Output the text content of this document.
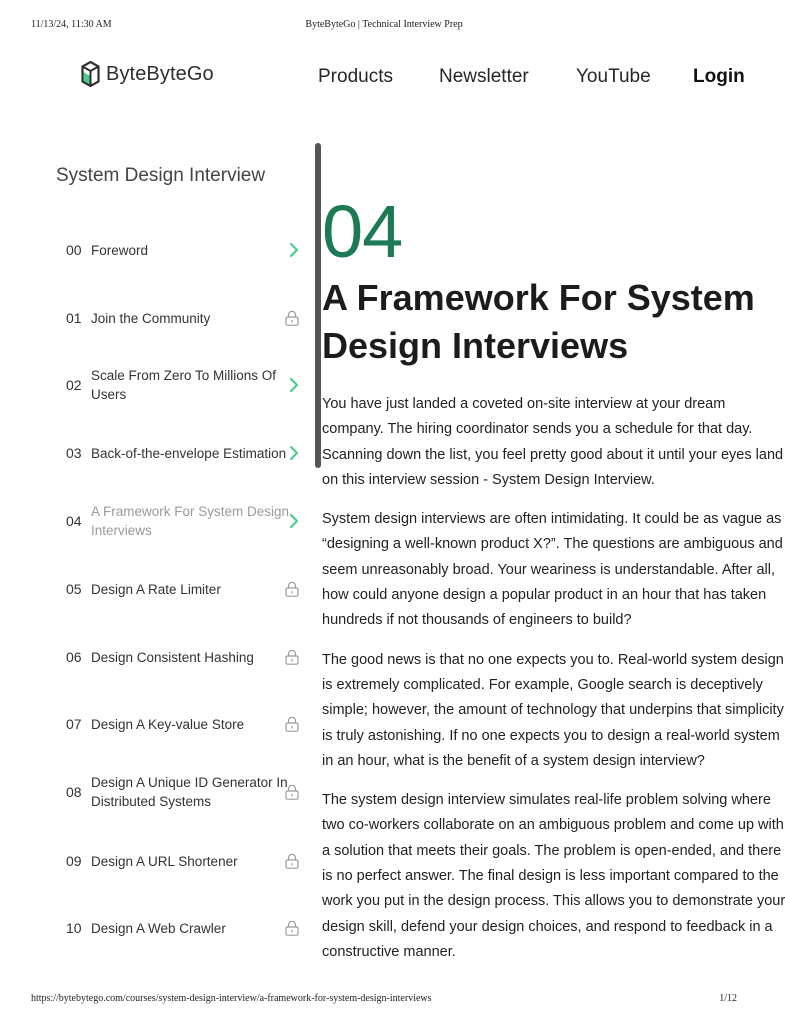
11/13/24, 11:30 AM	ByteByteGo | Technical Interview Prep
ByteByteGo	Products Newsletter YouTube Login
System Design Interview
00 Foreword
01 Join the Community
02
Scale From Zero To Millions Of Users
03 Back-of-the-envelope Estimation
04
A Framework For System Design Interviews
05 Design A Rate Limiter
06 Design Consistent Hashing
07 Design A Key-value Store
08
Design A Unique ID Generator In Distributed Systems
09 Design A URL Shortener
10 Design A Web Crawler
04
A Framework For System
Design Interviews
You have just landed a coveted on-site interview at your dream
company. The hiring coordinator sends you a schedule for that day.
Scanning down the list, you feel pretty good about it until your eyes land
on this interview session - System Design Interview.
System design interviews are often intimidating. It could be as vague as
“designing a well-known product X?”. The questions are ambiguous and
seem unreasonably broad. Your weariness is understandable. After all,
how could anyone design a popular product in an hour that has taken
hundreds if not thousands of engineers to build?
The good news is that no one expects you to. Real-world system design
is extremely complicated. For example, Google search is deceptively
simple; however, the amount of technology that underpins that simplicity
is truly astonishing. If no one expects you to design a real-world system
in an hour, what is the benefit of a system design interview?
The system design interview simulates real-life problem solving where
two co-workers collaborate on an ambiguous problem and come up with
a solution that meets their goals. The problem is open-ended, and there
is no perfect answer. The final design is less important compared to the
work you put in the design process. This allows you to demonstrate your
design skill, defend your design choices, and respond to feedback in a
constructive manner.
https://bytebytego.com/courses/system-design-interview/a-framework-for-system-design-interviews	1/12
